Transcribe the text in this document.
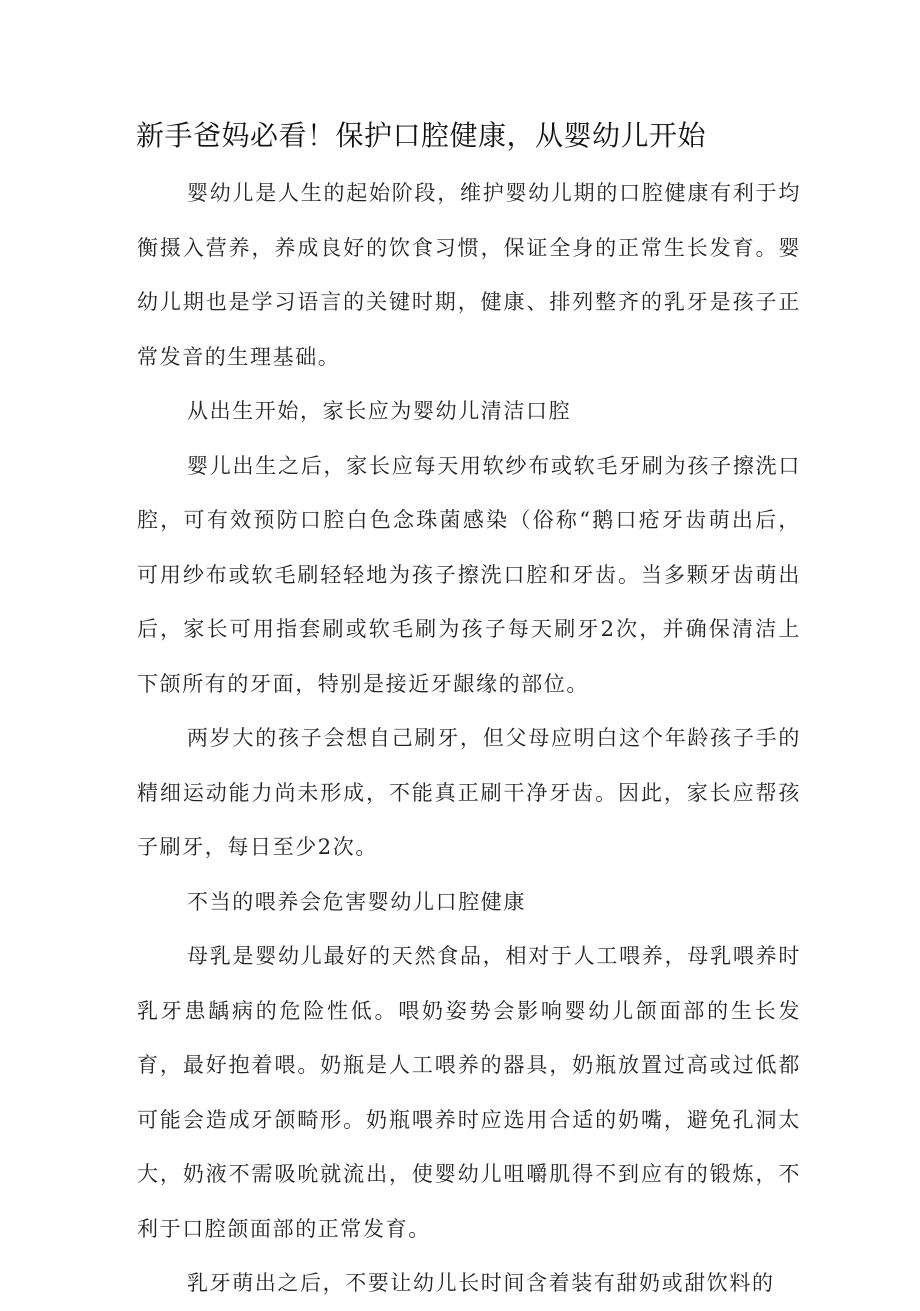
新手爸妈必看！保护口腔健康，从婴幼儿开始

婴幼儿是人生的起始阶段，维护婴幼儿期的口腔健康有利于均衡摄入营养，养成良好的饮食习惯，保证全身的正常生长发育。婴幼儿期也是学习语言的关键时期，健康、排列整齐的乳牙是孩子正常发音的生理基础。

从出生开始，家长应为婴幼儿清洁口腔

婴儿出生之后，家长应每天用软纱布或软毛牙刷为孩子擦洗口腔，可有效预防口腔白色念珠菌感染（俗称“鹅口疮牙齿萌出后，可用纱布或软毛刷轻轻地为孩子擦洗口腔和牙齿。当多颗牙齿萌出后，家长可用指套刷或软毛刷为孩子每天刷牙2次，并确保清洁上下颌所有的牙面，特别是接近牙龈缘的部位。

两岁大的孩子会想自己刷牙，但父母应明白这个年龄孩子手的精细运动能力尚未形成，不能真正刷干净牙齿。因此，家长应帮孩子刷牙，每日至少2次。

不当的喂养会危害婴幼儿口腔健康

母乳是婴幼儿最好的天然食品，相对于人工喂养，母乳喂养时乳牙患龋病的危险性低。喂奶姿势会影响婴幼儿颌面部的生长发育，最好抱着喂。奶瓶是人工喂养的器具，奶瓶放置过高或过低都可能会造成牙颌畸形。奶瓶喂养时应选用合适的奶嘴，避免孔洞太大，奶液不需吸吮就流出，使婴幼儿咀嚼肌得不到应有的锻炼，不利于口腔颌面部的正常发育。

乳牙萌出之后，不要让幼儿长时间含着装有甜奶或甜饮料的
